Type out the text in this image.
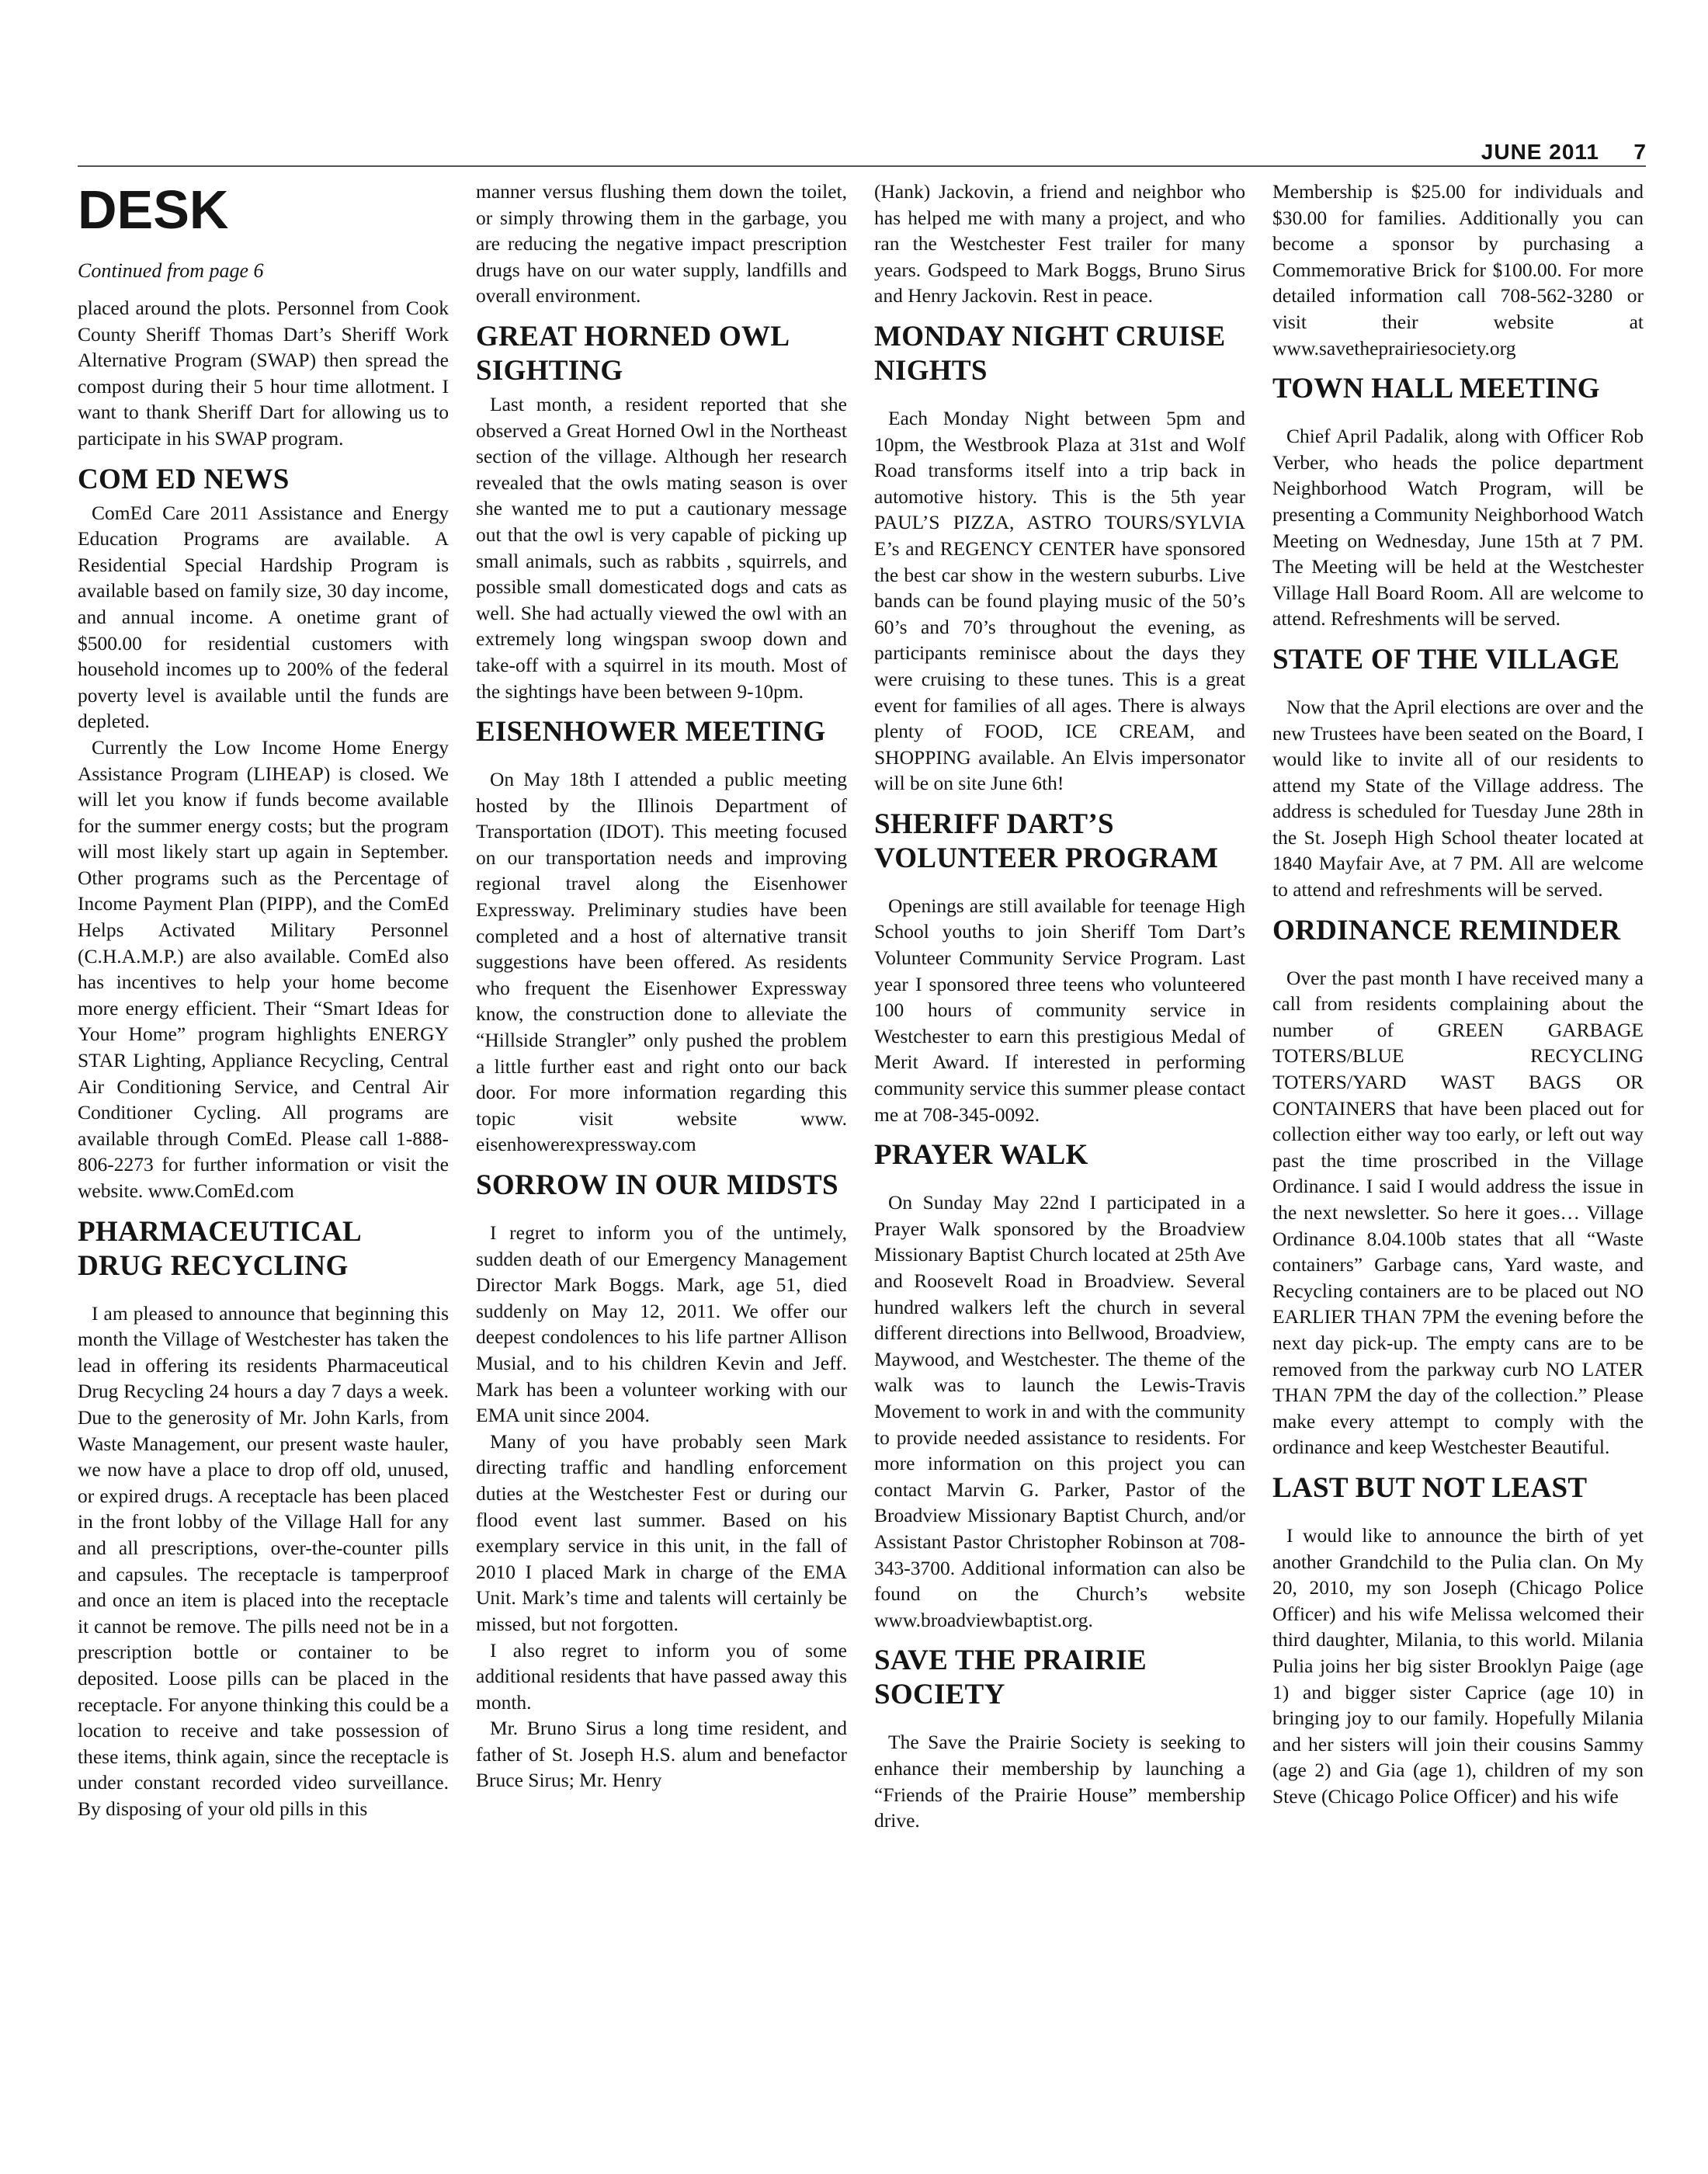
JUNE 2011 7
DESK
Continued from page 6

placed around the plots. Personnel from Cook County Sheriff Thomas Dart’s Sheriff Work Alternative Program (SWAP) then spread the compost during their 5 hour time allotment. I want to thank Sheriff Dart for allowing us to participate in his SWAP program.

COM ED NEWS

ComEd Care 2011 Assistance and Energy Education Programs are available. A Residential Special Hardship Program is available based on family size, 30 day income, and annual income. A onetime grant of $500.00 for residential customers with household incomes up to 200% of the federal poverty level is available until the funds are depleted.

Currently the Low Income Home Energy Assistance Program (LIHEAP) is closed. We will let you know if funds become available for the summer energy costs; but the program will most likely start up again in September. Other programs such as the Percentage of Income Payment Plan (PIPP), and the ComEd Helps Activated Military Personnel (C.H.A.M.P.) are also available. ComEd also has incentives to help your home become more energy efficient. Their “Smart Ideas for Your Home” program highlights ENERGY STAR Lighting, Appliance Recycling, Central Air Conditioning Service, and Central Air Conditioner Cycling. All programs are available through ComEd. Please call 1-888-806-2273 for further information or visit the website. www.ComEd.com

PHARMACEUTICAL DRUG RECYCLING

I am pleased to announce that beginning this month the Village of Westchester has taken the lead in offering its residents Pharmaceutical Drug Recycling 24 hours a day 7 days a week. Due to the generosity of Mr. John Karls, from Waste Management, our present waste hauler, we now have a place to drop off old, unused, or expired drugs. A receptacle has been placed in the front lobby of the Village Hall for any and all prescriptions, over-the-counter pills and capsules. The receptacle is tamperproof and once an item is placed into the receptacle it cannot be remove. The pills need not be in a prescription bottle or container to be deposited. Loose pills can be placed in the receptacle. For anyone thinking this could be a location to receive and take possession of these items, think again, since the receptacle is under constant recorded video surveillance. By disposing of your old pills in this

manner versus flushing them down the toilet, or simply throwing them in the garbage, you are reducing the negative impact prescription drugs have on our water supply, landfills and overall environment.

GREAT HORNED OWL SIGHTING

Last month, a resident reported that she observed a Great Horned Owl in the Northeast section of the village. Although her research revealed that the owls mating season is over she wanted me to put a cautionary message out that the owl is very capable of picking up small animals, such as rabbits , squirrels, and possible small domesticated dogs and cats as well. She had actually viewed the owl with an extremely long wingspan swoop down and take-off with a squirrel in its mouth. Most of the sightings have been between 9-10pm.

EISENHOWER MEETING

On May 18th I attended a public meeting hosted by the Illinois Department of Transportation (IDOT). This meeting focused on our transportation needs and improving regional travel along the Eisenhower Expressway. Preliminary studies have been completed and a host of alternative transit suggestions have been offered. As residents who frequent the Eisenhower Expressway know, the construction done to alleviate the “Hillside Strangler” only pushed the problem a little further east and right onto our back door. For more information regarding this topic visit website www. eisenhowerexpressway.com

SORROW IN OUR MIDSTS

I regret to inform you of the untimely, sudden death of our Emergency Management Director Mark Boggs. Mark, age 51, died suddenly on May 12, 2011. We offer our deepest condolences to his life partner Allison Musial, and to his children Kevin and Jeff. Mark has been a volunteer working with our EMA unit since 2004.

Many of you have probably seen Mark directing traffic and handling enforcement duties at the Westchester Fest or during our flood event last summer. Based on his exemplary service in this unit, in the fall of 2010 I placed Mark in charge of the EMA Unit. Mark’s time and talents will certainly be missed, but not forgotten.

I also regret to inform you of some additional residents that have passed away this month.

Mr. Bruno Sirus a long time resident, and father of St. Joseph H.S. alum and benefactor Bruce Sirus; Mr. Henry

(Hank) Jackovin, a friend and neighbor who has helped me with many a project, and who ran the Westchester Fest trailer for many years. Godspeed to Mark Boggs, Bruno Sirus and Henry Jackovin. Rest in peace.

MONDAY NIGHT CRUISE NIGHTS

Each Monday Night between 5pm and 10pm, the Westbrook Plaza at 31st and Wolf Road transforms itself into a trip back in automotive history. This is the 5th year PAUL’S PIZZA, ASTRO TOURS/SYLVIA E’s and REGENCY CENTER have sponsored the best car show in the western suburbs. Live bands can be found playing music of the 50’s 60’s and 70’s throughout the evening, as participants reminisce about the days they were cruising to these tunes. This is a great event for families of all ages. There is always plenty of FOOD, ICE CREAM, and SHOPPING available. An Elvis impersonator will be on site June 6th!

SHERIFF DART’S VOLUNTEER PROGRAM

Openings are still available for teenage High School youths to join Sheriff Tom Dart’s Volunteer Community Service Program. Last year I sponsored three teens who volunteered 100 hours of community service in Westchester to earn this prestigious Medal of Merit Award. If interested in performing community service this summer please contact me at 708-345-0092.

PRAYER WALK

On Sunday May 22nd I participated in a Prayer Walk sponsored by the Broadview Missionary Baptist Church located at 25th Ave and Roosevelt Road in Broadview. Several hundred walkers left the church in several different directions into Bellwood, Broadview, Maywood, and Westchester. The theme of the walk was to launch the Lewis-Travis Movement to work in and with the community to provide needed assistance to residents. For more information on this project you can contact Marvin G. Parker, Pastor of the Broadview Missionary Baptist Church, and/or Assistant Pastor Christopher Robinson at 708-343-3700. Additional information can also be found on the Church’s website www.broadviewbaptist.org.

SAVE THE PRAIRIE SOCIETY

The Save the Prairie Society is seeking to enhance their membership by launching a “Friends of the Prairie House” membership drive.

Membership is $25.00 for individuals and $30.00 for families. Additionally you can become a sponsor by purchasing a Commemorative Brick for $100.00. For more detailed information call 708-562-3280 or visit their website at www.savetheprairiesociety.org

TOWN HALL MEETING

Chief April Padalik, along with Officer Rob Verber, who heads the police department Neighborhood Watch Program, will be presenting a Community Neighborhood Watch Meeting on Wednesday, June 15th at 7 PM. The Meeting will be held at the Westchester Village Hall Board Room. All are welcome to attend. Refreshments will be served.

STATE OF THE VILLAGE

Now that the April elections are over and the new Trustees have been seated on the Board, I would like to invite all of our residents to attend my State of the Village address. The address is scheduled for Tuesday June 28th in the St. Joseph High School theater located at 1840 Mayfair Ave, at 7 PM. All are welcome to attend and refreshments will be served.

ORDINANCE REMINDER

Over the past month I have received many a call from residents complaining about the number of GREEN GARBAGE TOTERS/BLUE RECYCLING TOTERS/YARD WAST BAGS OR CONTAINERS that have been placed out for collection either way too early, or left out way past the time proscribed in the Village Ordinance. I said I would address the issue in the next newsletter. So here it goes… Village Ordinance 8.04.100b states that all “Waste containers” Garbage cans, Yard waste, and Recycling containers are to be placed out NO EARLIER THAN 7PM the evening before the next day pick-up. The empty cans are to be removed from the parkway curb NO LATER THAN 7PM the day of the collection.” Please make every attempt to comply with the ordinance and keep Westchester Beautiful.

LAST BUT NOT LEAST

I would like to announce the birth of yet another Grandchild to the Pulia clan. On My 20, 2010, my son Joseph (Chicago Police Officer) and his wife Melissa welcomed their third daughter, Milania, to this world. Milania Pulia joins her big sister Brooklyn Paige (age 1) and bigger sister Caprice (age 10) in bringing joy to our family. Hopefully Milania and her sisters will join their cousins Sammy (age 2) and Gia (age 1), children of my son Steve (Chicago Police Officer) and his wife
